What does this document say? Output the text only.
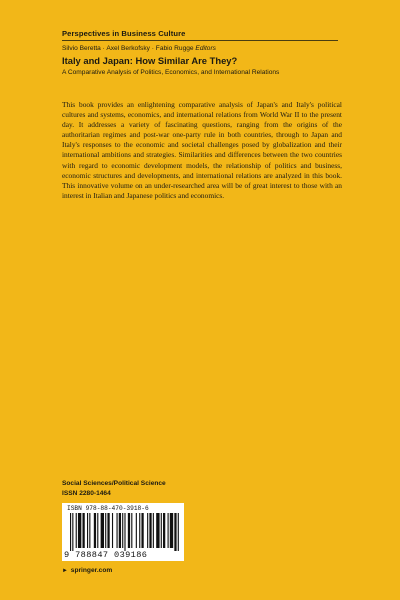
Perspectives in Business Culture
Silvio Beretta · Axel Berkofsky · Fabio Rugge Editors
Italy and Japan: How Similar Are They?
A Comparative Analysis of Politics, Economics, and International Relations
This book provides an enlightening comparative analysis of Japan's and Italy's political cultures and systems, economics, and international relations from World War II to the present day. It addresses a variety of fascinating questions, ranging from the origins of the authoritarian regimes and post-war one-party rule in both countries, through to Japan and Italy's responses to the economic and societal challenges posed by globalization and their international ambitions and strategies. Similarities and differences between the two countries with regard to economic development models, the relationship of politics and business, economic structures and developments, and international relations are analyzed in this book. This innovative volume on an under-researched area will be of great interest to those with an interest in Italian and Japanese politics and economics.
Social Sciences/Political Science
ISSN 2280-1464
ISBN 978-88-470-3918-6
9 788847 039186
► springer.com
